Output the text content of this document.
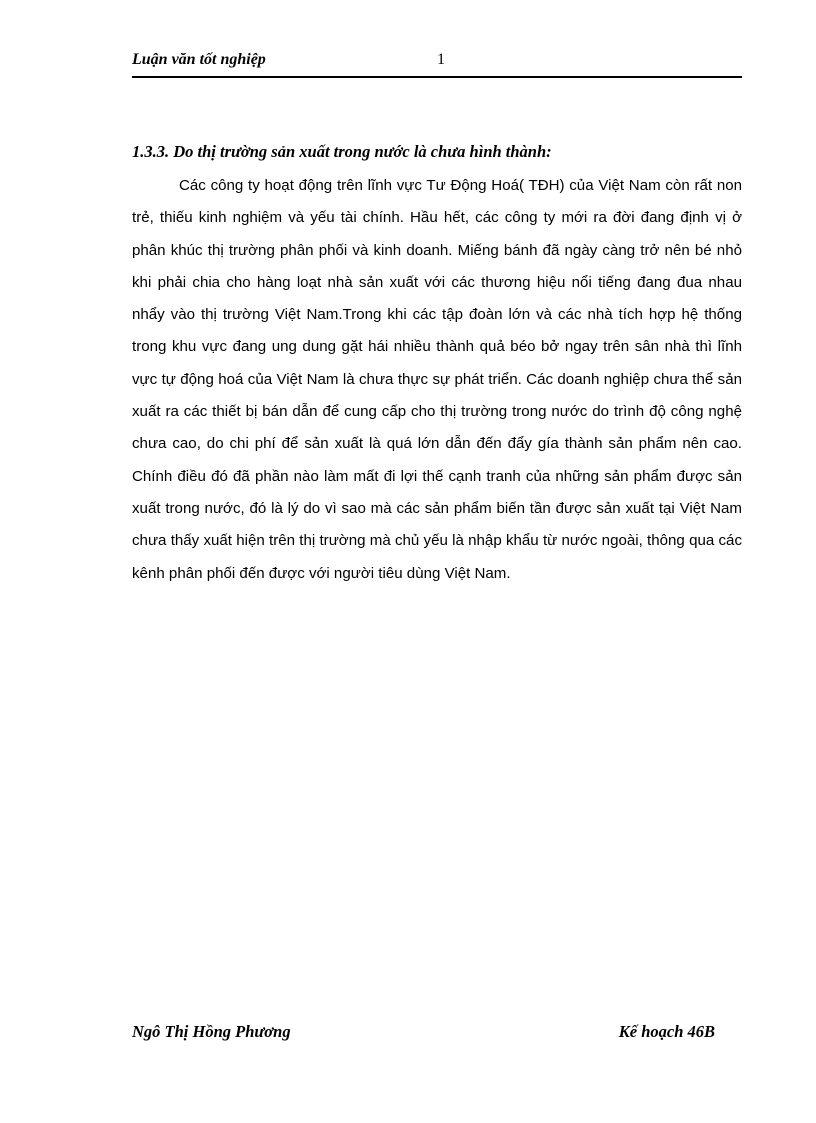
Luận văn tốt nghiệp	1
1.3.3. Do thị trường sản xuất trong nước là chưa hình thành:

Các công ty hoạt động trên lĩnh vực Tư Động Hoá( TĐH) của Việt Nam còn rất non trẻ, thiếu kinh nghiệm và yếu tài chính. Hầu hết, các công ty mới ra đời đang định vị ở phân khúc thị trường phân phối và kinh doanh. Miếng bánh đã ngày càng trở nên bé nhỏ khi phải chia cho hàng loạt nhà sản xuất với các thương hiệu nổi tiếng đang đua nhau nhẩy vào thị trường Việt Nam.Trong khi các tập đoàn lớn và các nhà tích hợp hệ thống trong khu vực đang ung dung gặt hái nhiều thành quả béo bở ngay trên sân nhà thì lĩnh vực tự động hoá của Việt Nam là chưa thực sự phát triển. Các doanh nghiệp chưa thể sản xuất ra các thiết bị bán dẫn để cung cấp cho thị trường trong nước do trình độ công nghệ chưa cao, do chi phí để sản xuất là quá lớn dẫn đến đẩy gía thành sản phẩm nên cao. Chính điều đó đã phần nào làm mất đi lợi thế cạnh tranh của những sản phẩm được sản xuất trong nước, đó là lý do vì sao mà các sản phẩm biến tần được sản xuất tại Việt Nam chưa thấy xuất hiện trên thị trường mà chủ yếu là nhập khẩu từ nước ngoài, thông qua các kênh phân phối đến được với người tiêu dùng Việt Nam.

Ngô Thị Hồng Phương	Kế hoạch 46B
